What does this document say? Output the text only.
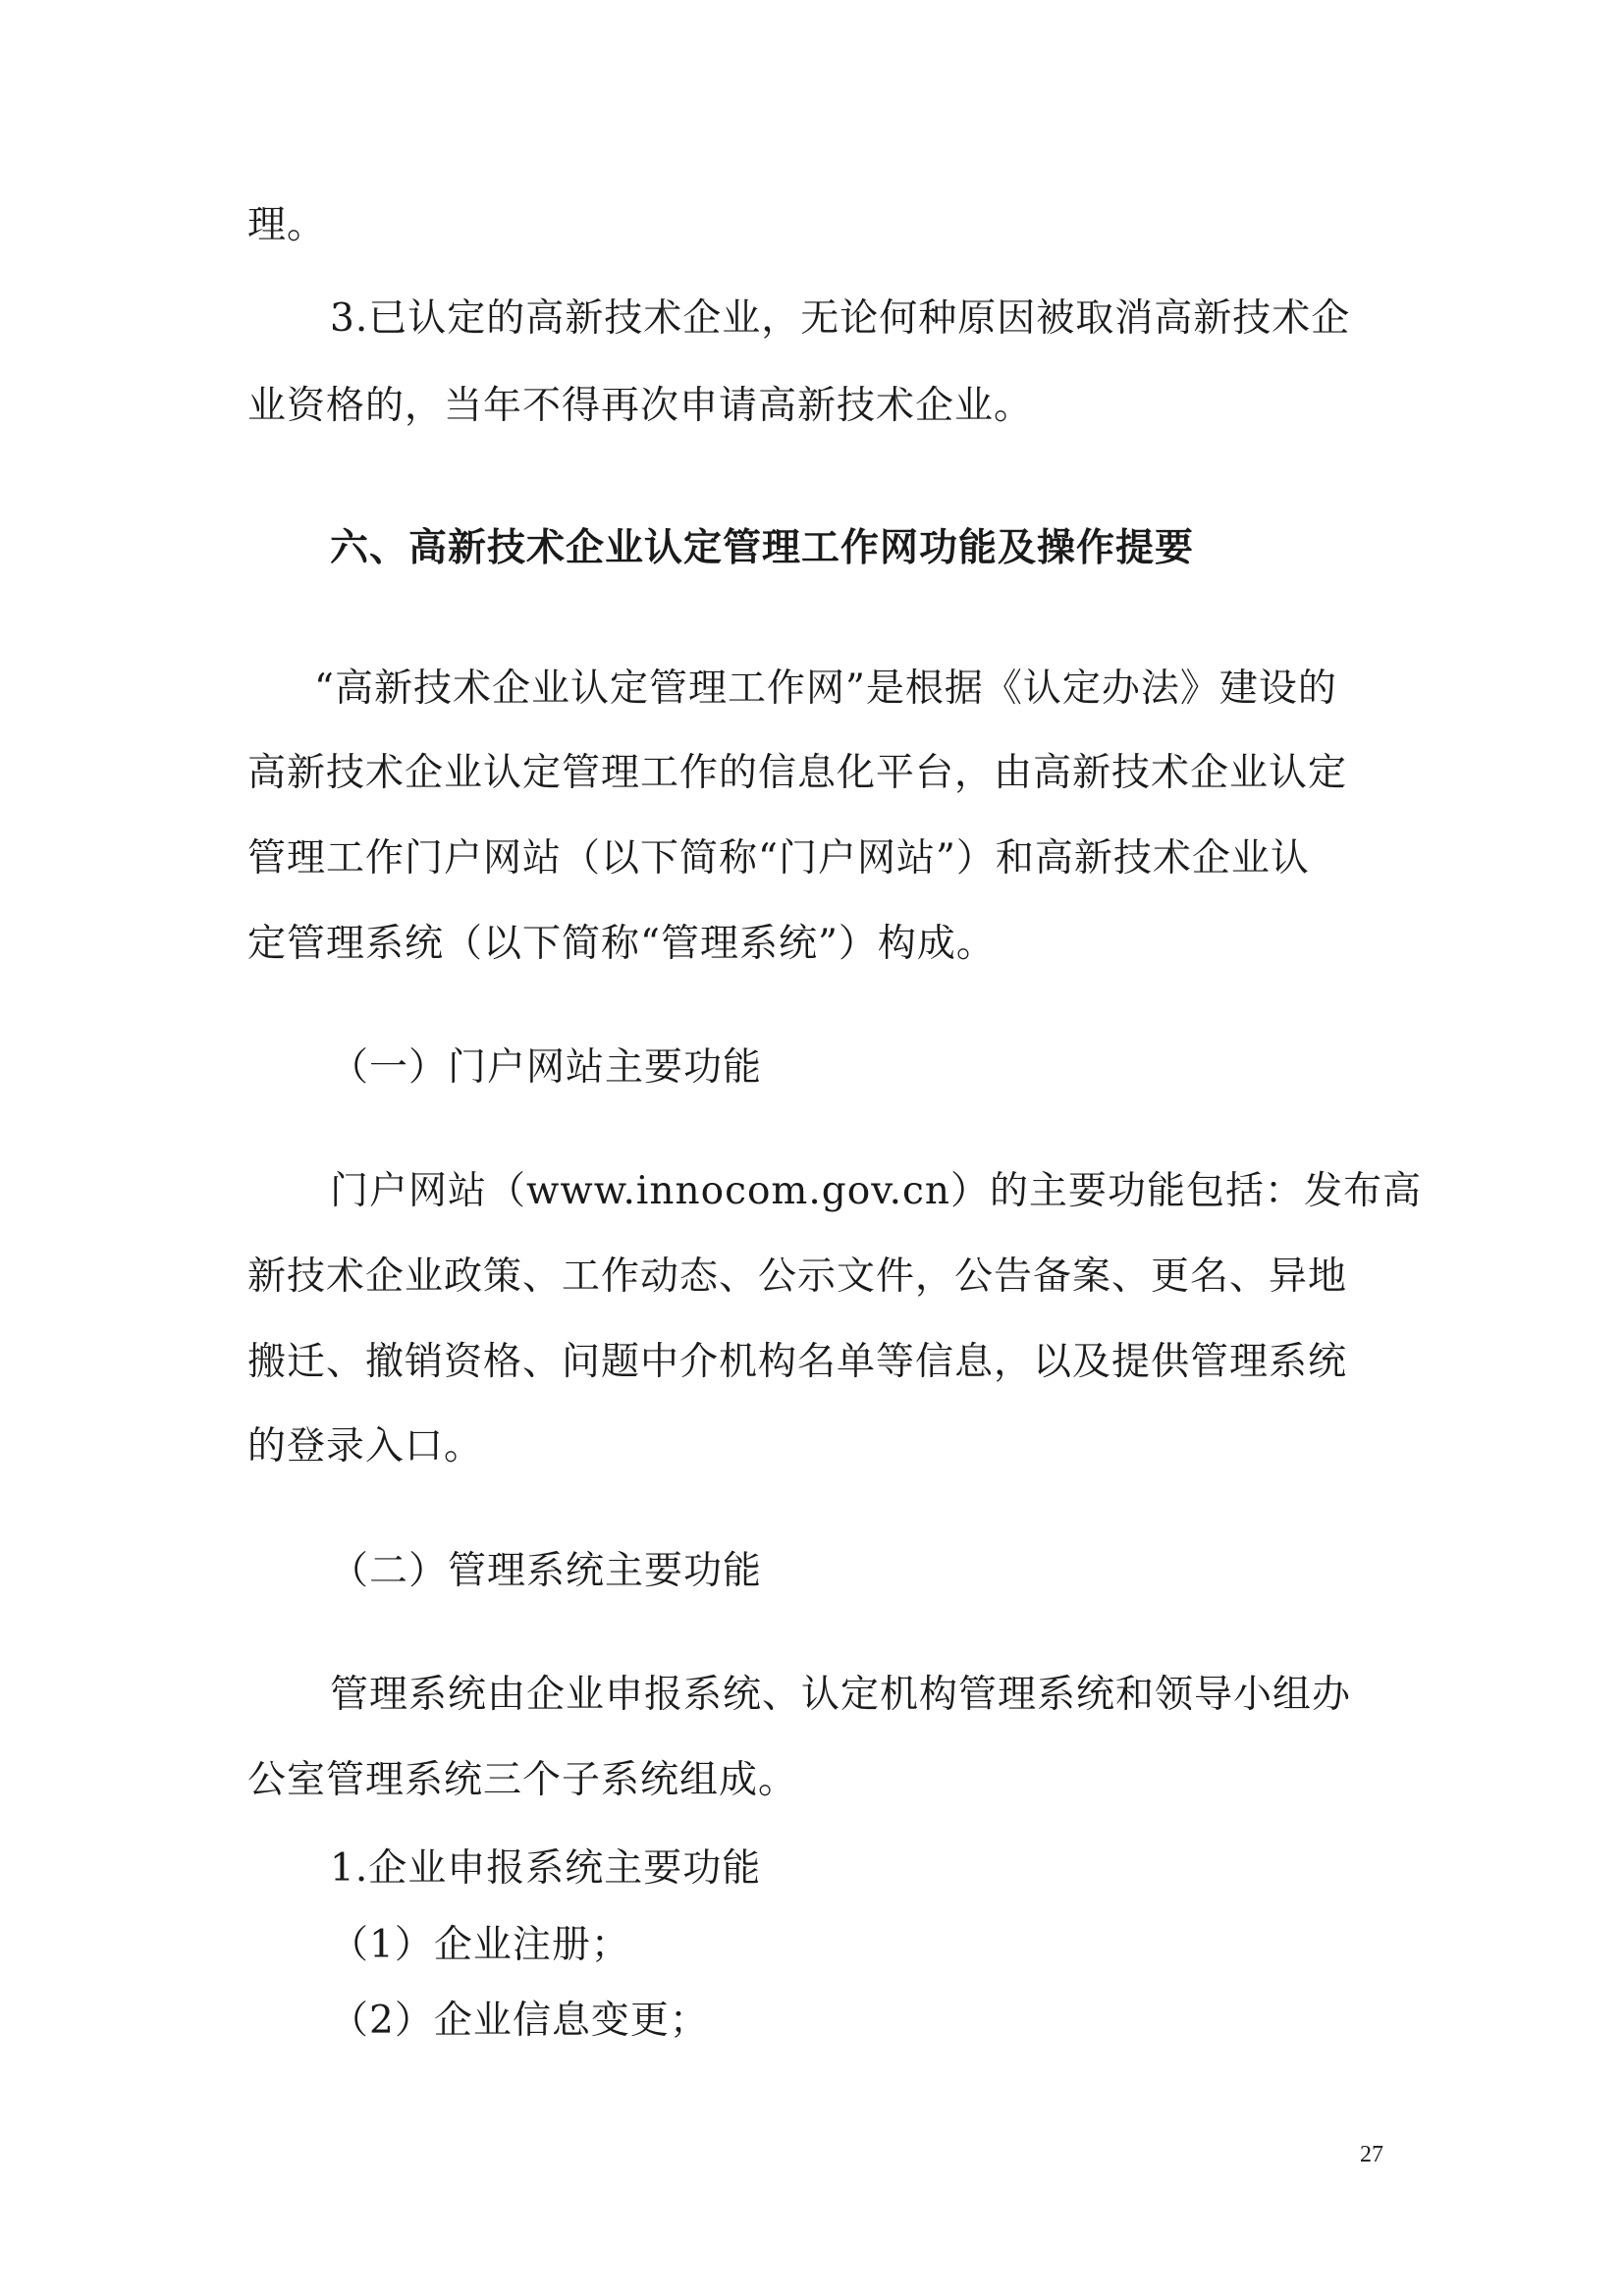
理。
3.已认定的高新技术企业，无论何种原因被取消高新技术企
业资格的，当年不得再次申请高新技术企业。
六、高新技术企业认定管理工作网功能及操作提要
“高新技术企业认定管理工作网”是根据《认定办法》建设的
高新技术企业认定管理工作的信息化平台，由高新技术企业认定
管理工作门户网站（以下简称“门户网站”）和高新技术企业认
定管理系统（以下简称“管理系统”）构成。
（一）门户网站主要功能
门户网站（www.innocom.gov.cn）的主要功能包括：发布高
新技术企业政策、工作动态、公示文件，公告备案、更名、异地
搬迁、撤销资格、问题中介机构名单等信息，以及提供管理系统
的登录入口。
（二）管理系统主要功能
管理系统由企业申报系统、认定机构管理系统和领导小组办
公室管理系统三个子系统组成。
1.企业申报系统主要功能
（1）企业注册；
（2）企业信息变更；
27
